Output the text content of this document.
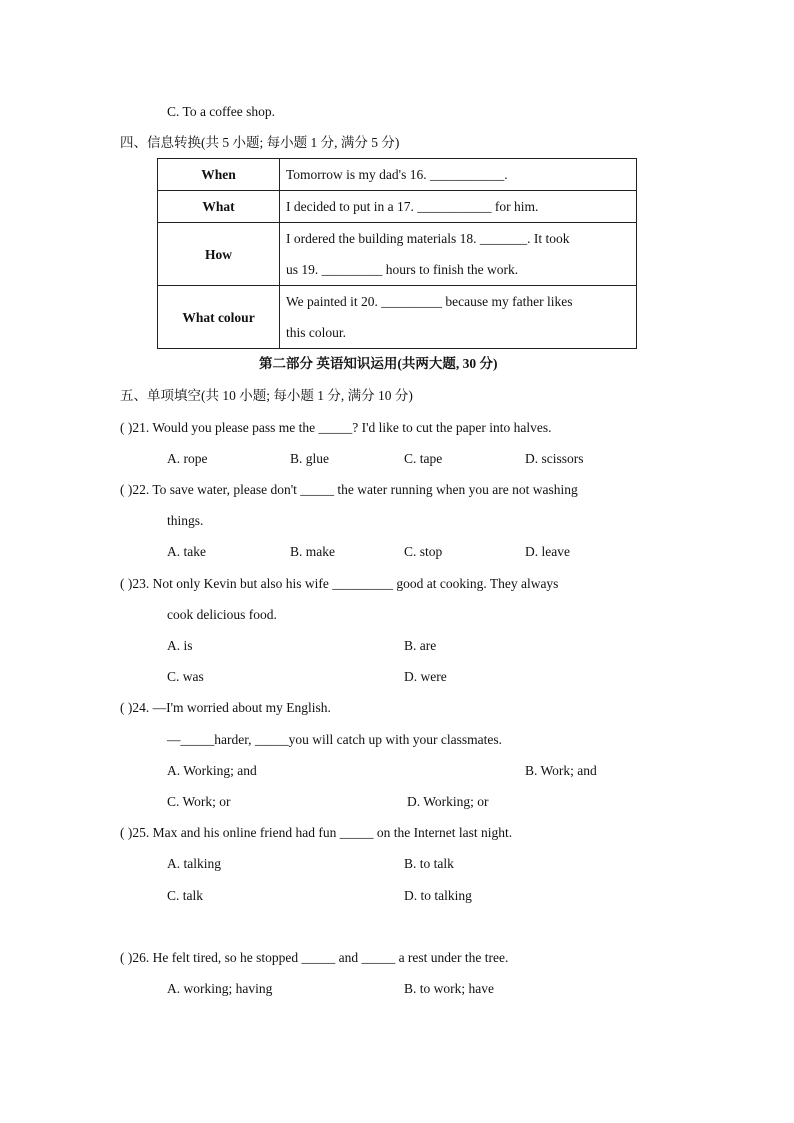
C. To a coffee shop.
四、信息转换(共 5 小题; 每小题 1 分, 满分 5 分)
When	Tomorrow is my dad's 16. ___________.
What	I decided to put in a 17. ___________ for him.
How	I ordered the building materials 18. _______. It took
us 19. _________ hours to finish the work.

What colour	We painted it 20. _________ because my father likes
this colour.
第二部分 英语知识运用(共两大题, 30 分)
五、单项填空(共 10 小题; 每小题 1 分, 满分 10 分)
( )21. Would you please pass me the _____? I'd like to cut the paper into halves.
A. rope	B. glue	C. tape	D. scissors
( )22. To save water, please don't _____ the water running when you are not washing
things.
A. take	B. make	C. stop	D. leave
( )23. Not only Kevin but also his wife _________ good at cooking. They always
cook delicious food.
A. is	B. are
C. was	D. were
( )24. —I'm worried about my English.
—_____harder, _____you will catch up with your classmates.
A. Working; and	B. Work; and
C. Work; or	D. Working; or
( )25. Max and his online friend had fun _____ on the Internet last night.
A. talking	B. to talk
C. talk	D. to talking
( )26. He felt tired, so he stopped _____ and _____ a rest under the tree.
A. working; having	B. to work; have
